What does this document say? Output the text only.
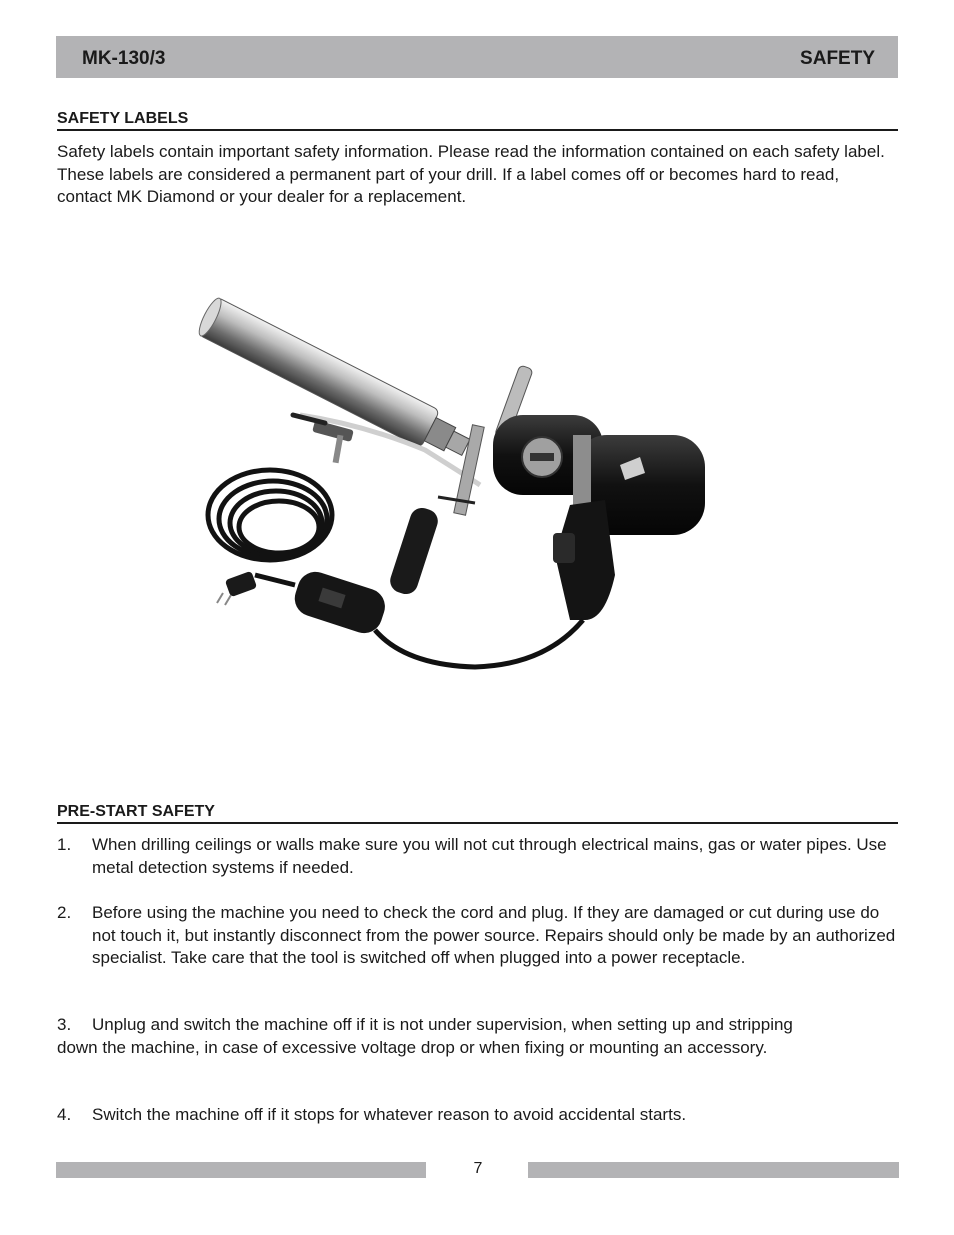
MK-130/3	SAFETY
SAFETY LABELS
Safety labels contain important safety information. Please read the information contained on each safety label. These labels are considered a permanent part of your drill. If a label comes off or becomes hard to read, contact MK Diamond or your dealer for a replacement.
PRE-START SAFETY
1.	When drilling ceilings or walls make sure you will not cut through electrical mains, gas or water pipes. Use metal detection systems if needed.
2.	Before using the machine you need to check the cord and plug. If they are damaged or cut during use do not touch it, but instantly disconnect from the power source. Repairs should only be made by an authorized specialist. Take care that the tool is switched off when plugged into a power receptacle.
3.	Unplug and switch the machine off if it is not under supervision, when setting up and stripping down the machine, in case of excessive voltage drop or when fixing or mounting an accessory.
4.	Switch the machine off if it stops for whatever reason to avoid accidental starts.
7
